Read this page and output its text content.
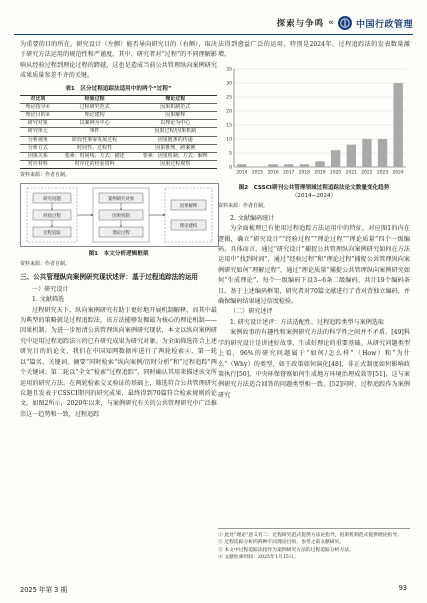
探索与争鸣 « 中国行政管理

为重要的目的所在。研究设计（左侧）能否导向研究目的（右侧），取决于研究方法运用的规范性和严谨度。其中，研究者对“过程”的不同理解影响从经验过程到理论过程的跨越，这也是造成当前公共管理纵向案例研究成果质量参差不齐的关键。

表1　区分过程追踪法适用中的两个“过程”
对比项	经验过程	理论过程
理论指导①	过程研究范式	因果机制范式
理论目的②	理论建构	因果解释
研究对象	以案例为中心	以理论为中心
研究单元	事件	因果过程/因果机制
分析视角	阶段性事零发展过程	因果链条的传递
分析方式	时间性、过程性	因果推理、跨案例
因果关系	要素：时间线；方式：描述	要素：因果机制；方式：解释
对应材料	时序化的经验资料	因果过程观察
资料来源：作者自制。
研究问题
经验过程
过程追踪
案例研究对象
因果机制
理论过程
因果解释
理论建构
图1　本文分析逻辑框架
资料来源：作者自制。
三、公共管理纵向案例研究现状述评：基于过程追踪法的运用

一）研究设计

1. 文献筛选

过程研究天下，纵向案例研究有助于更好地开展机制解释，而其中最为典型的策略就是过程追踪法，该方法能够发掘最为核心的理论机制——因果机制。为进一步厘清公共管理纵向案例研究现状，本文以纵向案例研究中运用过程追踪法③的已有研究成果为研究对象。为全面筛选符合上述研究目的的论文，我们在中国知网数据库进行了两轮检索④，第一轮以“篇名、关键词、摘要”同时检索“纵向案例/历时分析”和“过程追踪”两个关键词；第二轮以“全文”检索“过程追踪”，同时确认其用来描述该文所运用的研究方法。在两轮检索交叉验证的基础上，筛选符合公共管理研究议题且发表于CSSCI期刊的研究成果，最终得到70篇符合检索规则的论文。如图2所示，2020年以来，与案例研究有关的公共管理研究中广泛推崇这一趋势和一致，过程追踪

法得到愈益广泛的运用，特别是2024年，过程追踪法的发表数量激增。

0
5
10
15
20
25
30
35
2014 2015 2016 2017 2018 2019 2020 2021 2022 2023 2024
图2　CSSCI期刊公共管理领域过程追踪法论文数量变化趋势
（2014−2024）
资料来源：作者自制。

2. 文献编码统计

为全面梳理已有使用过程追踪方法运用中的特征，对应图1的内在逻辑，确立“研究设计”“经验过程”“理论过程”“理论质量”四个一级编码。具体而言，通过“研究设计”捕捉公共管理纵向案例研究如何在方法运用中“找到时间”，通过“经验过程”和“理论过程”捕捉公共管理纵向案例研究如何“理解过程”，通过“理论质量”捕捉公共管理纵向案例研究如何“生成理论”，每个一级编码下设3−6条二级编码，共计19个编码条目。基于上述编码框架，研究者对70篇文献进行了背对背独立编码，并确保编码结果通过信度检验。

（二）研究述评

1. 研究设计述评：方法适配性、过程追踪类型与案例选取

案例故事的有趣性和案例研究方法的科学性之间并不矛盾。[49]科学的研究设计是讲述好故事、生成好理论的重要基础。从研究问题类型上看，96%的研究问题属于“如何/怎么样”（How）和“为什么”（Why）的类型，如王政策如何演化[48]，非正式制度如何影响政策执行[50]，中央环保督察如何生成地方环境治理成效等[51]，这与案例研究方法适合回答的问题类型相一致。[52]同时，过程追踪作为案例研究

① 此处“理论”意义有二：过程研究范式提供方法论指导，因果机制范式提供理论指导。
② 过程追踪分析的两种不同理论目的，参考之前文献研究。
③ 本文中过程追踪法指作为案例研究方法的过程追踪分析方法。
④ 文献检索时间：2025年1月15日。
2025 年第 3 期	93
